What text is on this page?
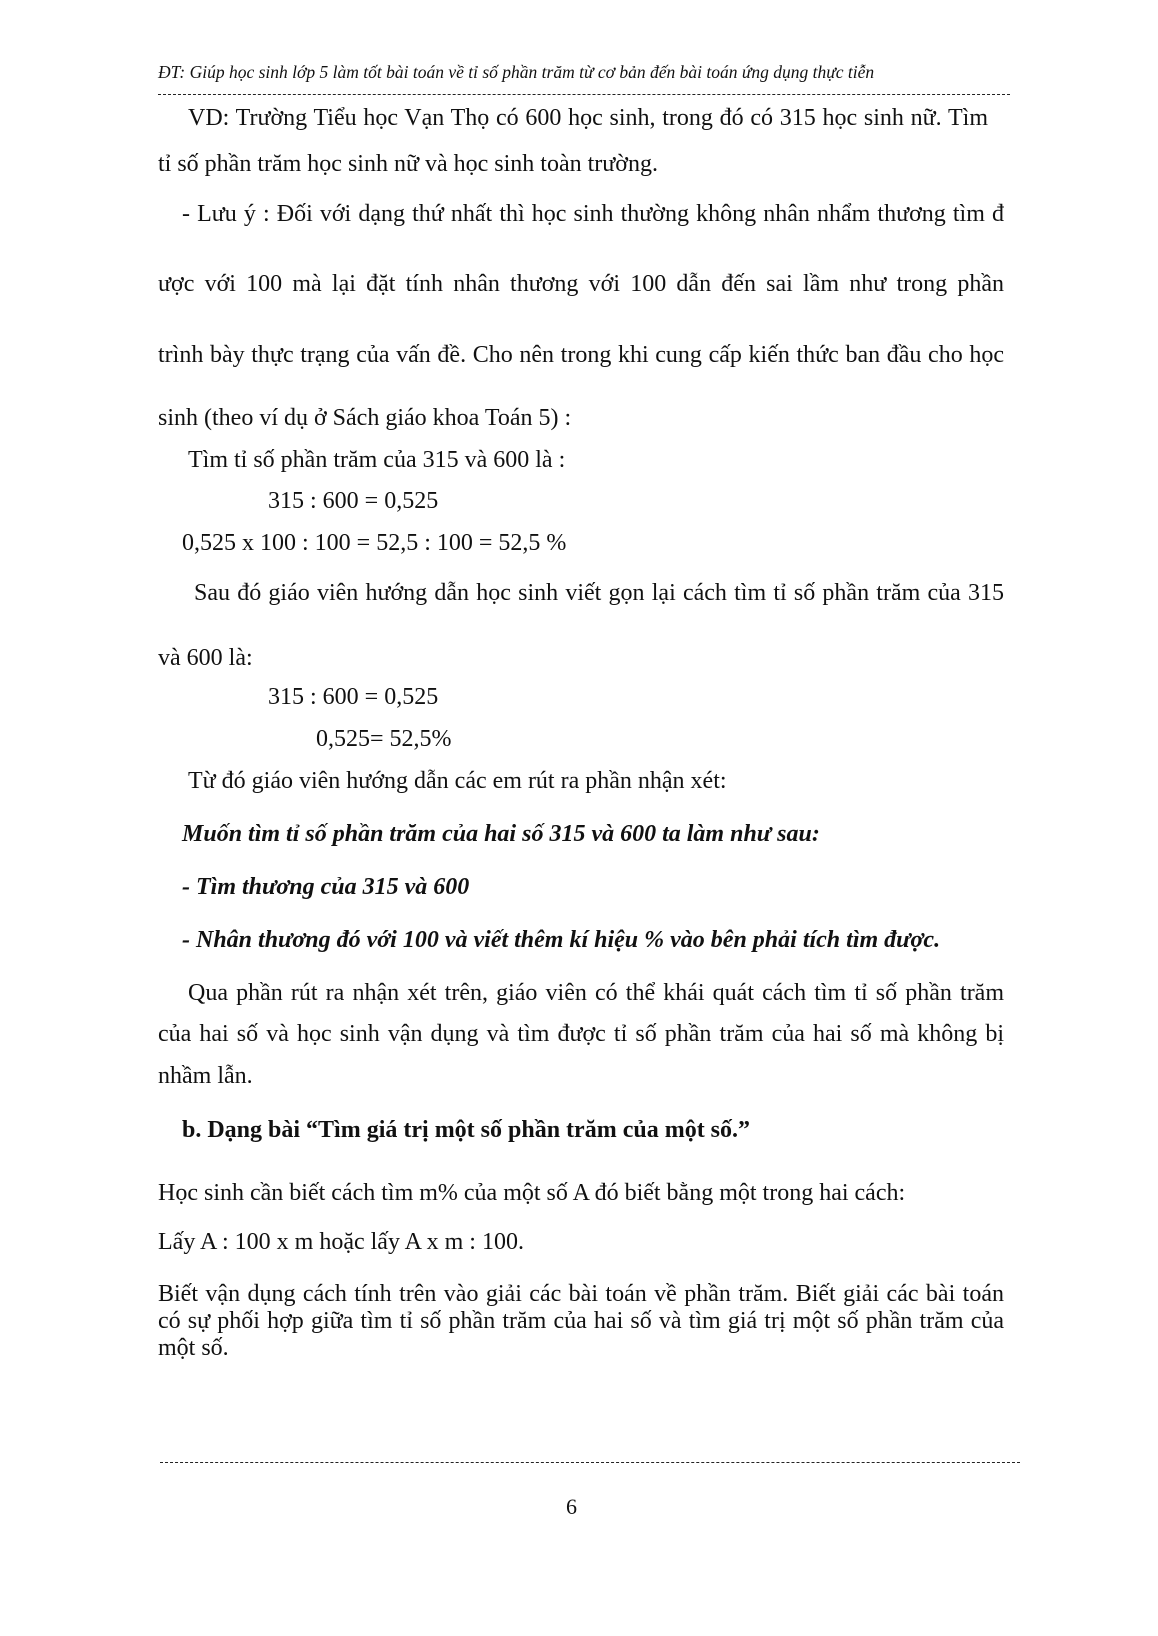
ĐT: Giúp học sinh lớp 5 làm tốt bài toán về tỉ số phần trăm từ cơ bản đến bài toán ứng dụng thực tiễn
VD: Trường Tiểu học Vạn Thọ có 600 học sinh, trong đó có 315 học sinh nữ. Tìm
tỉ số phần trăm học sinh nữ và học sinh toàn trường.
- Lưu ý : Đối với dạng thứ nhất thì học sinh thường không nhân nhẩm thương tìm đ
ược với 100 mà lại đặt tính nhân thương với 100 dẫn đến sai lầm như trong phần
trình bày thực trạng của vấn đề. Cho nên trong khi cung cấp kiến thức ban đầu cho học
sinh (theo ví dụ ở Sách giáo khoa Toán 5) :
Tìm tỉ số phần trăm của 315 và 600 là :
315 : 600 = 0,525
0,525 x 100 : 100 = 52,5 : 100 = 52,5 %
Sau đó giáo viên hướng dẫn học sinh viết gọn lại cách tìm tỉ số phần trăm của 315
và 600 là:
315 : 600 = 0,525
0,525= 52,5%
Từ đó giáo viên hướng dẫn các em rút ra phần nhận xét:
Muốn tìm tỉ số phần trăm của hai số 315 và 600 ta làm như sau:
- Tìm thương của 315 và 600
- Nhân thương đó với 100 và viết thêm kí hiệu % vào bên phải tích tìm được.
Qua phần rút ra nhận xét trên, giáo viên có thể khái quát cách tìm tỉ số phần trăm
của hai số và học sinh vận dụng và tìm được tỉ số phần trăm của hai số mà không bị
nhầm lẫn.
b. Dạng bài “Tìm giá trị một số phần trăm của một số.”
Học sinh cần biết cách tìm m% của một số A đó biết bằng một trong hai cách:
Lấy A : 100 x m hoặc lấy A x m : 100.
Biết vận dụng cách tính trên vào giải các bài toán về phần trăm. Biết giải các bài toán
có sự phối hợp giữa tìm tỉ số phần trăm của hai số và tìm giá trị một số phần trăm của
một số.
6
